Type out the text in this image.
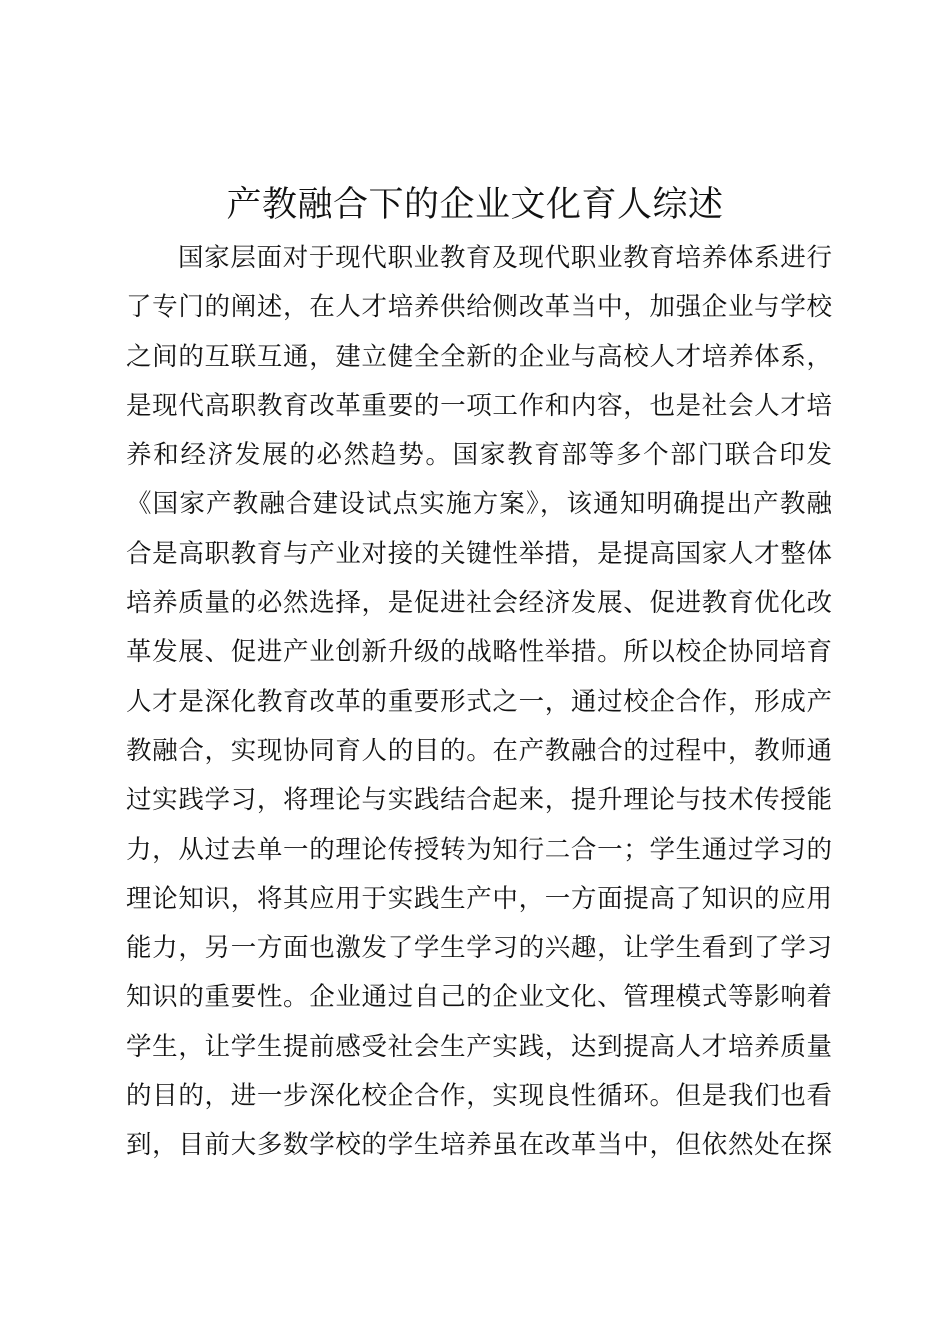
产教融合下的企业文化育人综述
国家层面对于现代职业教育及现代职业教育培养体系进行
了专门的阐述，在人才培养供给侧改革当中，加强企业与学校
之间的互联互通，建立健全全新的企业与高校人才培养体系，
是现代高职教育改革重要的一项工作和内容，也是社会人才培
养和经济发展的必然趋势。国家教育部等多个部门联合印发
《国家产教融合建设试点实施方案》，该通知明确提出产教融
合是高职教育与产业对接的关键性举措，是提高国家人才整体
培养质量的必然选择，是促进社会经济发展、促进教育优化改
革发展、促进产业创新升级的战略性举措。所以校企协同培育
人才是深化教育改革的重要形式之一，通过校企合作，形成产
教融合，实现协同育人的目的。在产教融合的过程中，教师通
过实践学习，将理论与实践结合起来，提升理论与技术传授能
力，从过去单一的理论传授转为知行二合一；学生通过学习的
理论知识，将其应用于实践生产中，一方面提高了知识的应用
能力，另一方面也激发了学生学习的兴趣，让学生看到了学习
知识的重要性。企业通过自己的企业文化、管理模式等影响着
学生，让学生提前感受社会生产实践，达到提高人才培养质量
的目的，进一步深化校企合作，实现良性循环。但是我们也看
到，目前大多数学校的学生培养虽在改革当中，但依然处在探
